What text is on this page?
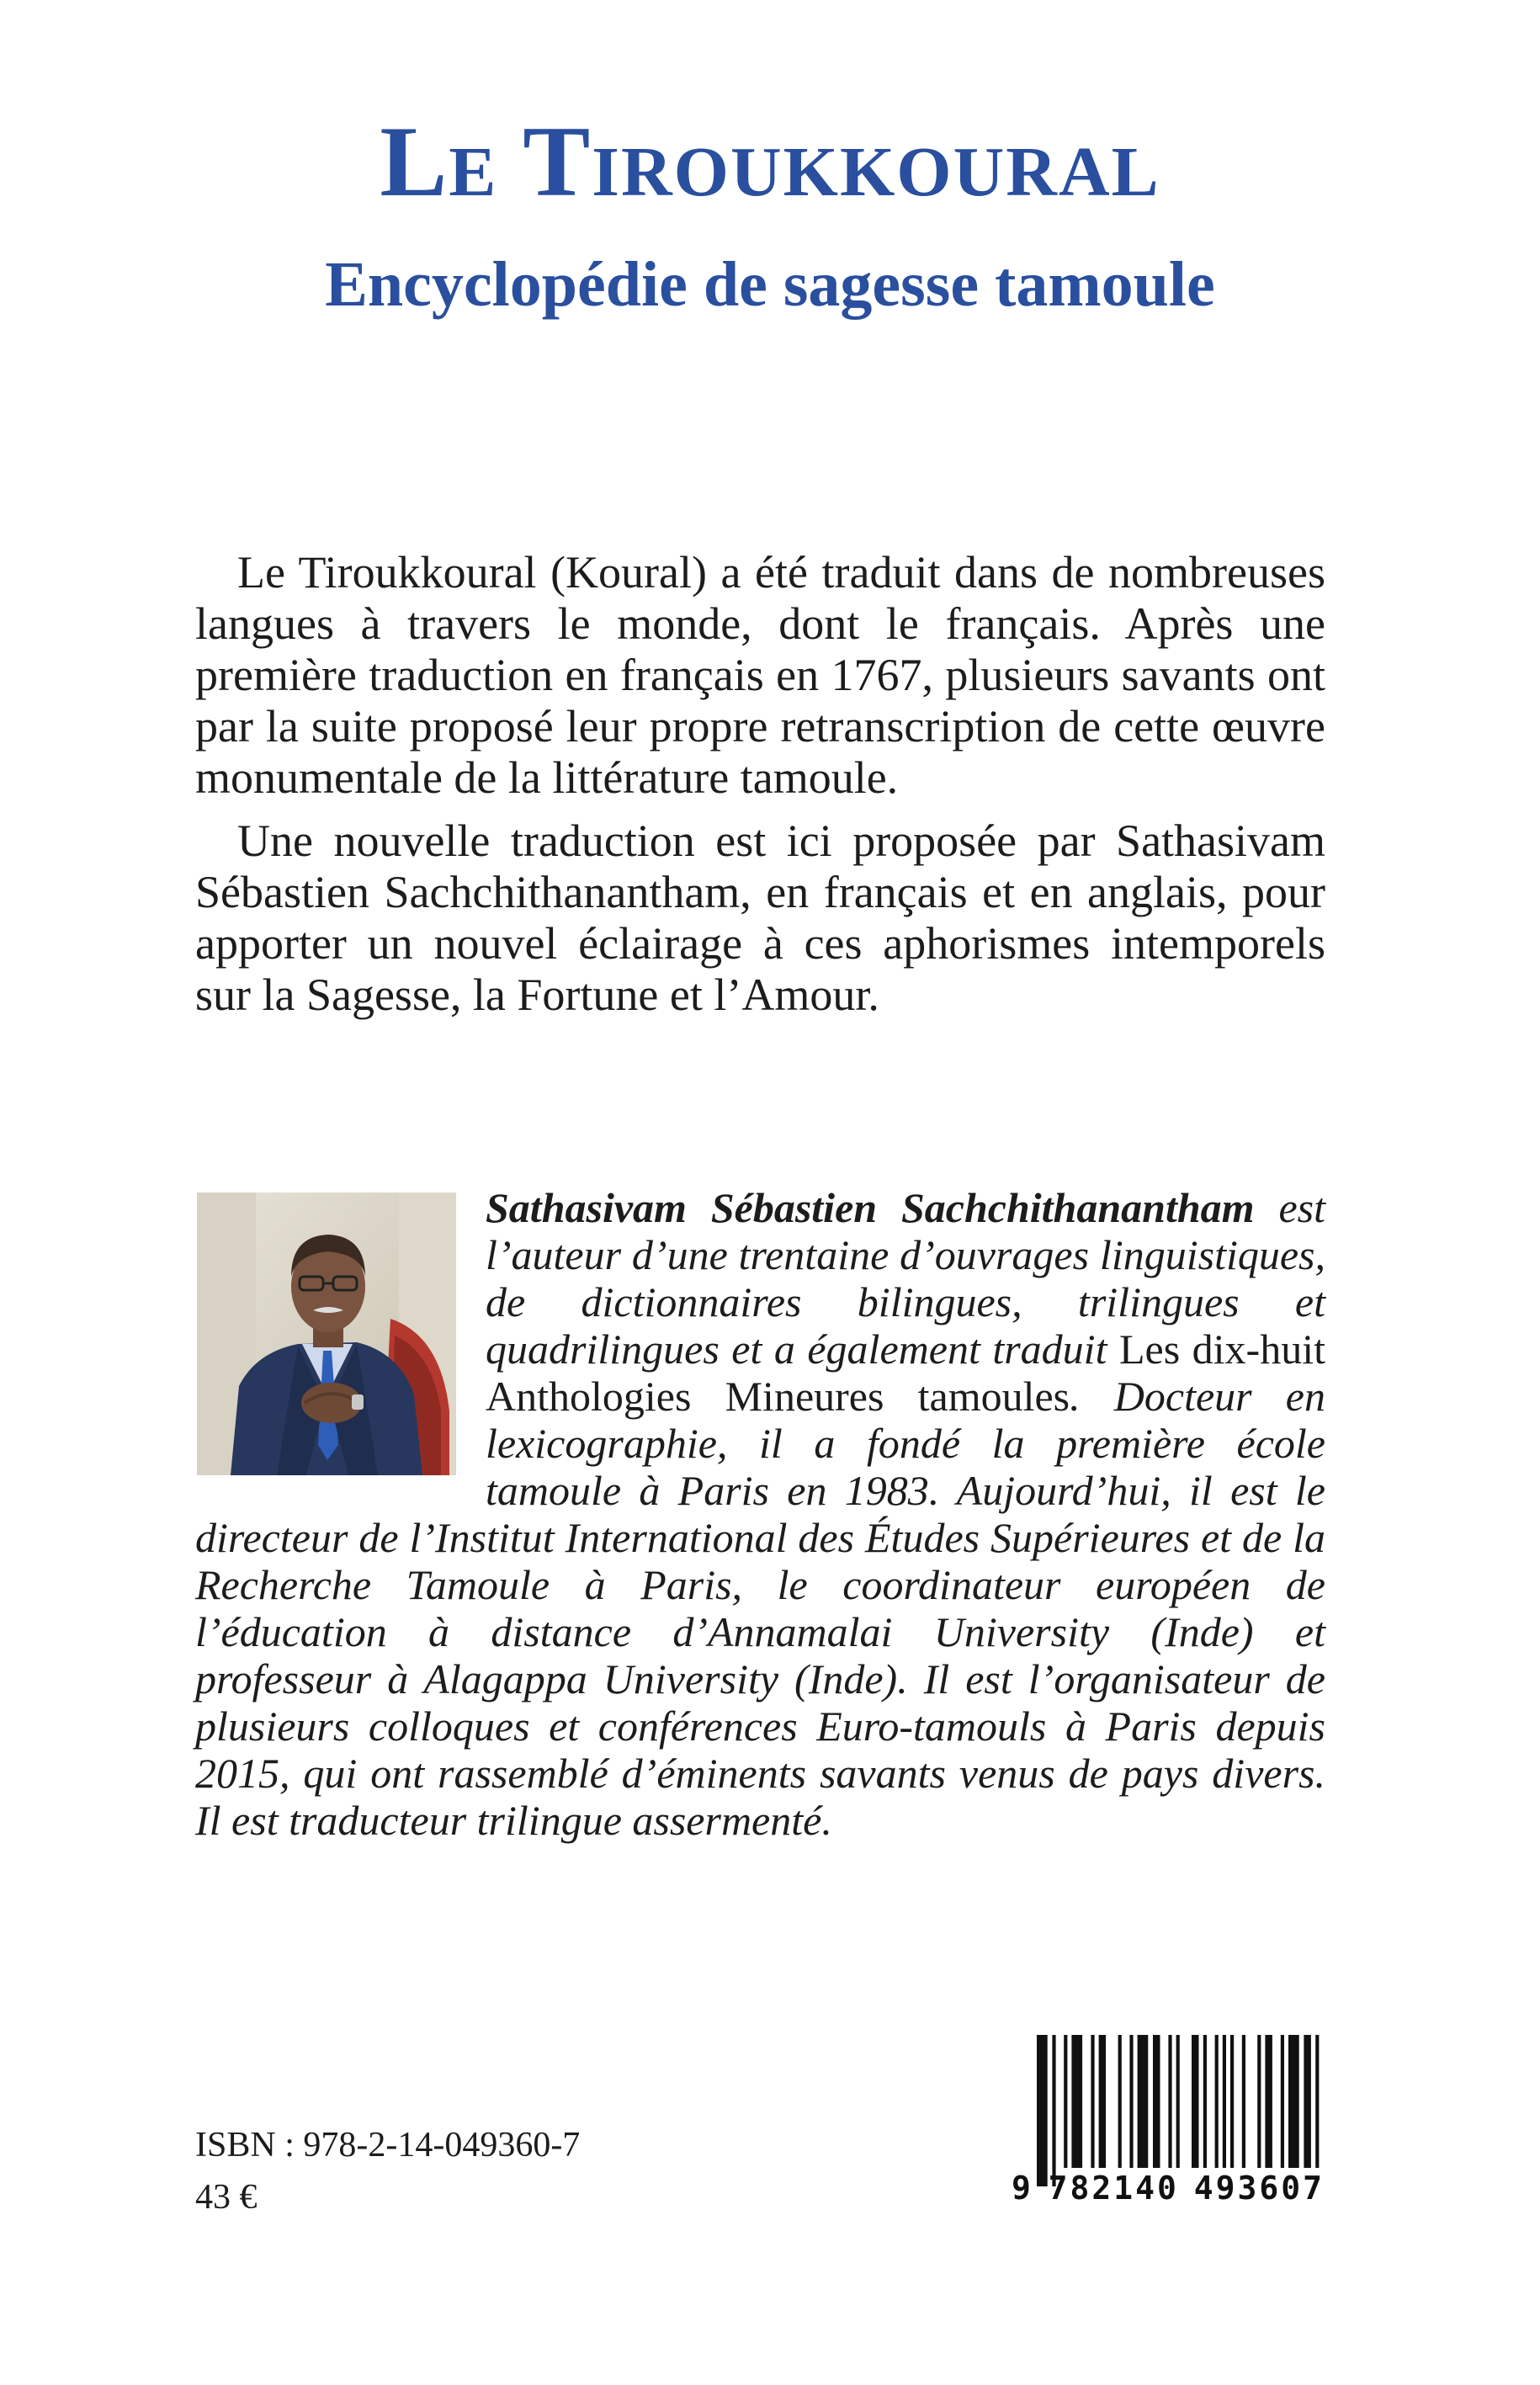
Le Tiroukkoural
Encyclopédie de sagesse tamoule

Le Tiroukkoural (Koural) a été traduit dans de nombreuses langues à travers le monde, dont le français. Après une première traduction en français en 1767, plusieurs savants ont par la suite proposé leur propre retranscription de cette œuvre monumentale de la littérature tamoule.

Une nouvelle traduction est ici proposée par Sathasivam Sébastien Sachchithanantham, en français et en anglais, pour apporter un nouvel éclairage à ces aphorismes intemporels sur la Sagesse, la Fortune et l’Amour.

Sathasivam Sébastien Sachchithanantham est l’auteur d’une trentaine d’ouvrages linguistiques, de dictionnaires bilingues, trilingues et quadrilingues et a également traduit Les dix-huit Anthologies Mineures tamoules. Docteur en lexicographie, il a fondé la première école tamoule à Paris en 1983. Aujourd’hui, il est le directeur de l’Institut International des Études Supérieures et de la Recherche Tamoule à Paris, le coordinateur européen de l’éducation à distance d’Annamalai University (Inde) et professeur à Alagappa University (Inde). Il est l’organisateur de plusieurs colloques et conférences Euro-tamouls à Paris depuis 2015, qui ont rassemblé d’éminents savants venus de pays divers. Il est traducteur trilingue assermenté.
ISBN : 978-2-14-049360-7
43 €	9 782140 493607
